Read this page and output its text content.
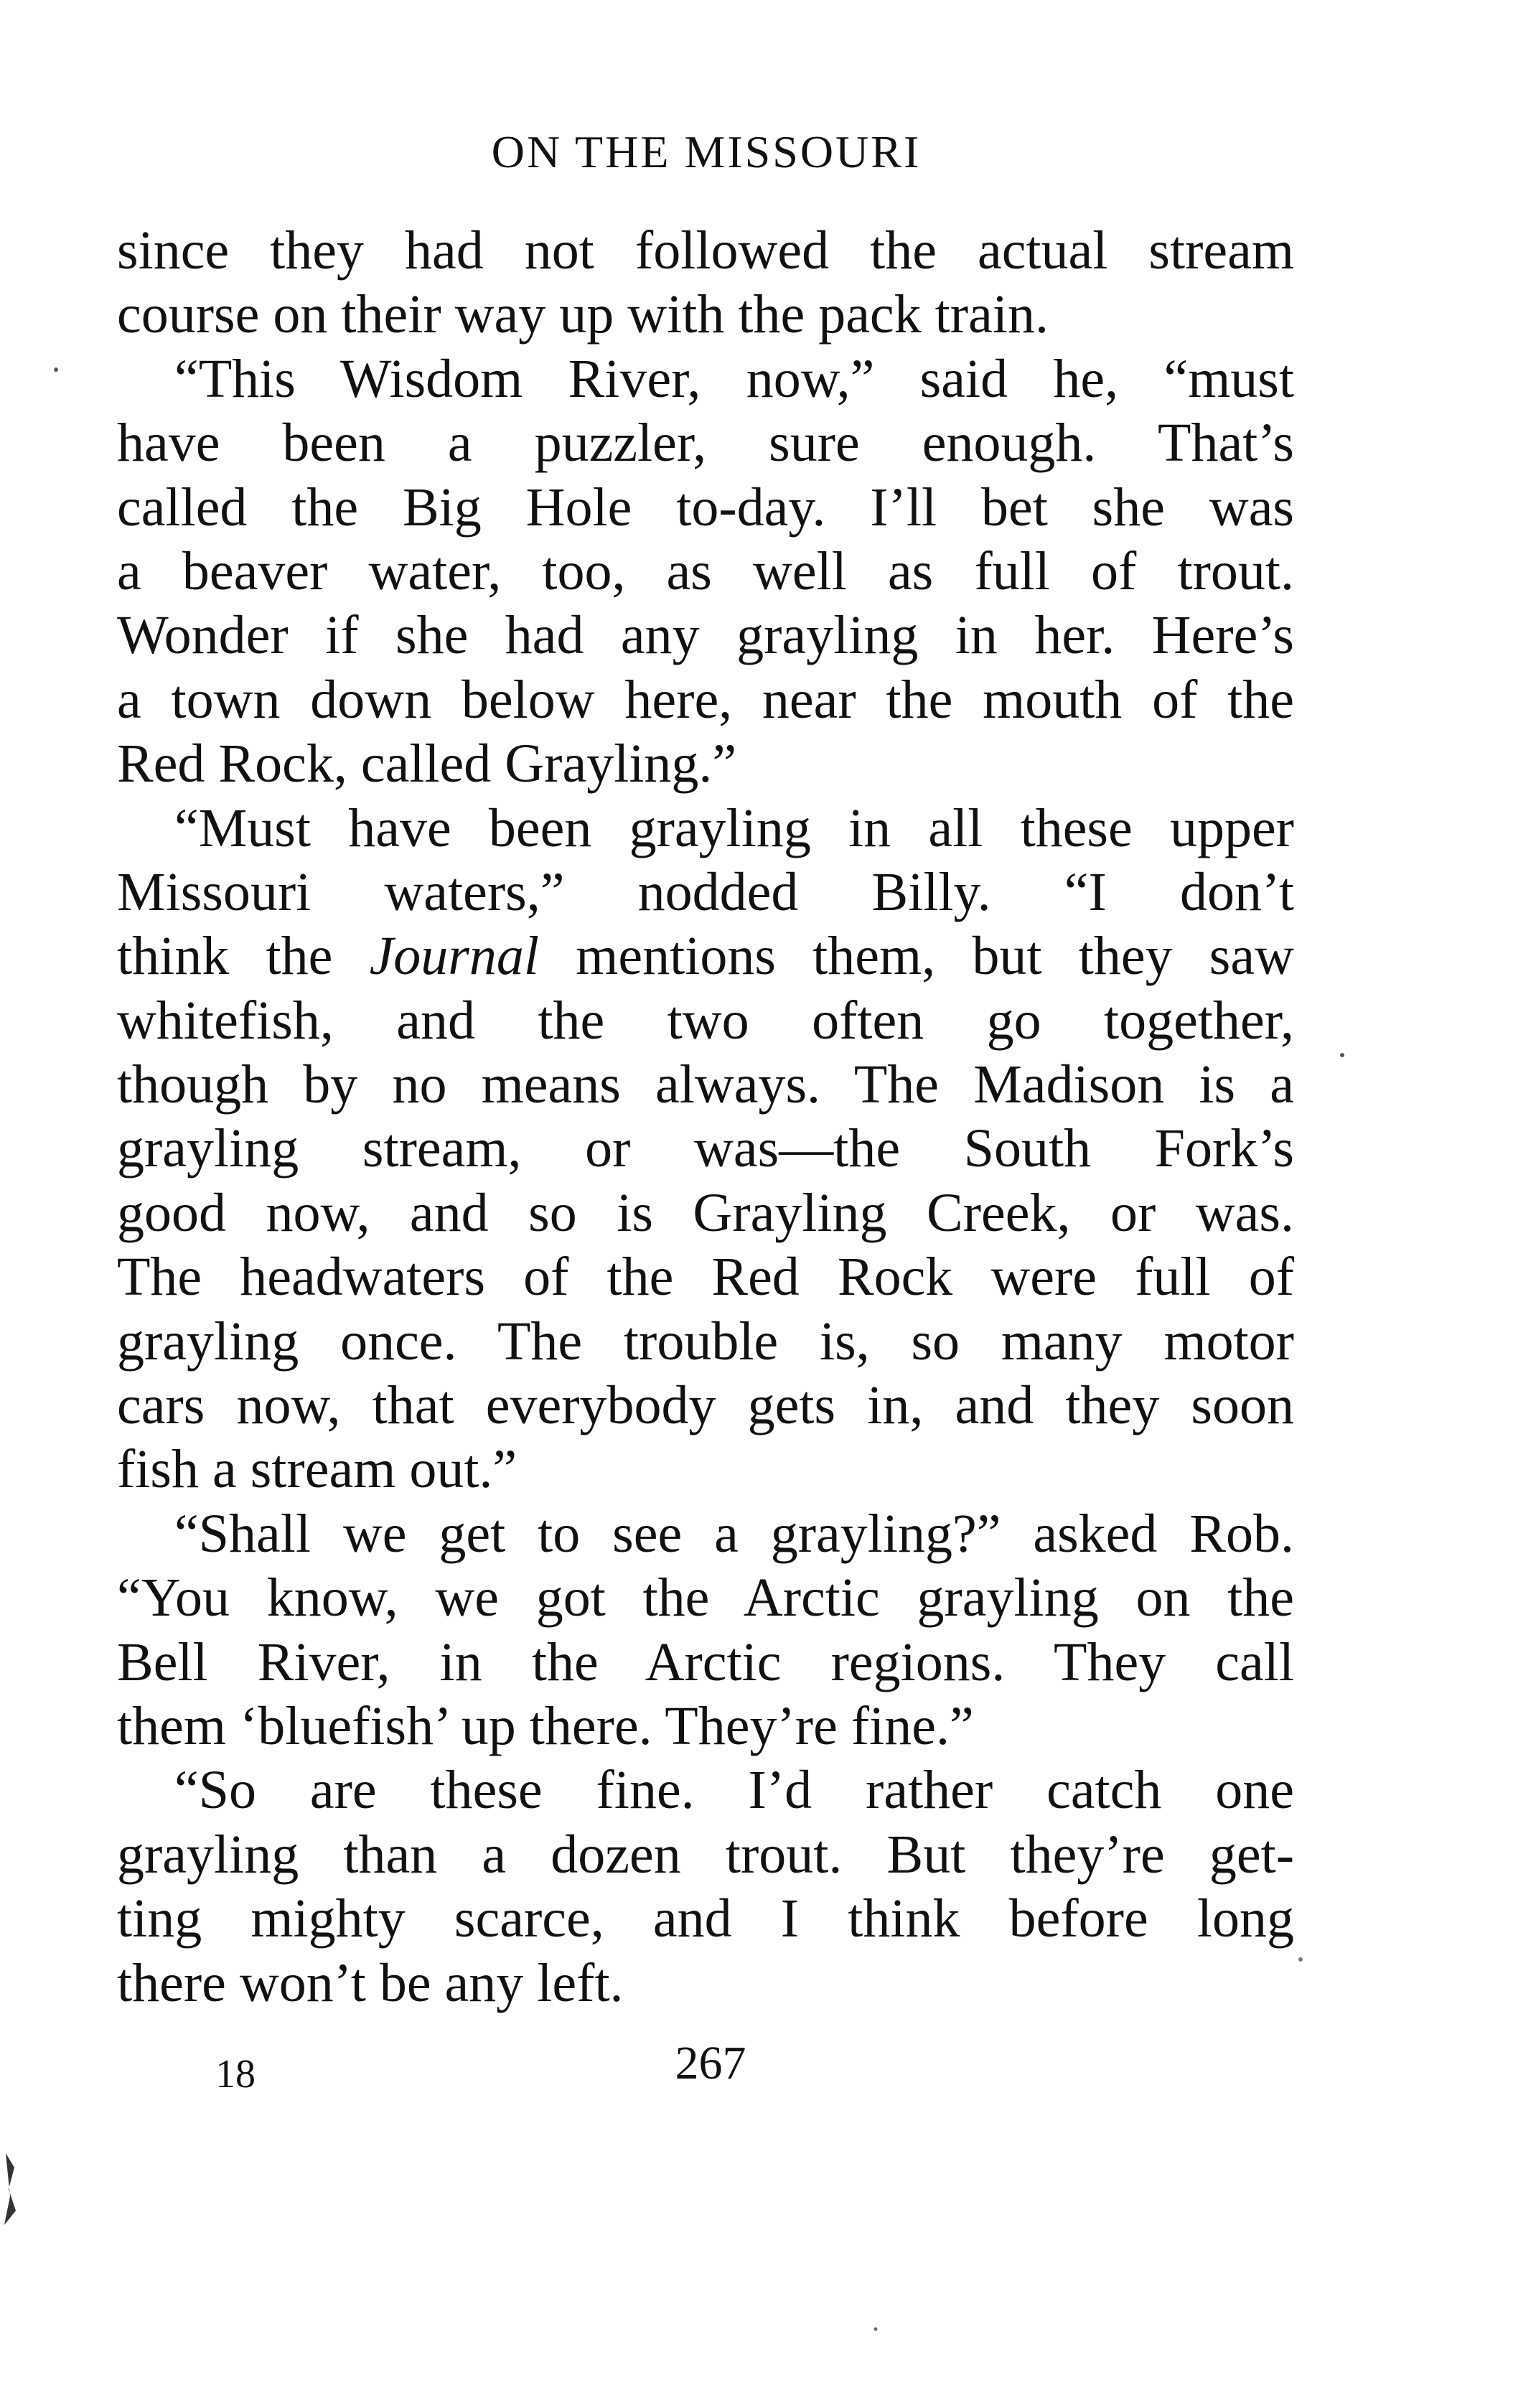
ON THE MISSOURI
since they had not followed the actual stream
course on their way up with the pack train.
“This Wisdom River, now,” said he, “must
have been a puzzler, sure enough. That’s
called the Big Hole to-day. I’ll bet she was
a beaver water, too, as well as full of trout.
Wonder if she had any grayling in her. Here’s
a town down below here, near the mouth of the
Red Rock, called Grayling.”
“Must have been grayling in all these upper
Missouri waters,” nodded Billy. “I don’t
think the Journal mentions them, but they saw
whitefish, and the two often go together,
though by no means always. The Madison is a
grayling stream, or was—the South Fork’s
good now, and so is Grayling Creek, or was.
The headwaters of the Red Rock were full of
grayling once. The trouble is, so many motor
cars now, that everybody gets in, and they soon
fish a stream out.”
“Shall we get to see a grayling?” asked Rob.
“You know, we got the Arctic grayling on the
Bell River, in the Arctic regions. They call
them ‘bluefish’ up there. They’re fine.”
“So are these fine. I’d rather catch one
grayling than a dozen trout. But they’re get-
ting mighty scarce, and I think before long
there won’t be any left.
18	267
